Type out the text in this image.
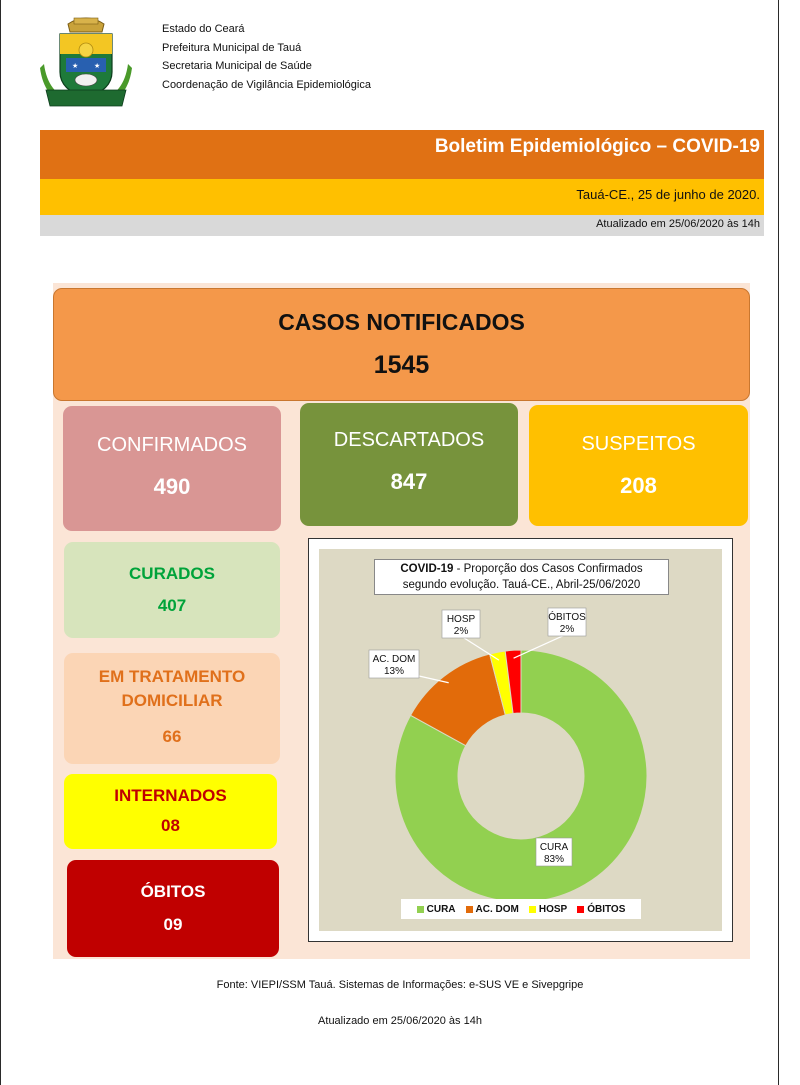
★ ★
Estado do Ceará
Prefeitura Municipal de Tauá
Secretaria Municipal de Saúde
Coordenação de Vigilância Epidemiológica
Boletim Epidemiológico – COVID-19
Tauá-CE., 25 de junho de 2020.
Atualizado em 25/06/2020 às 14h
CASOS NOTIFICADOS
1545
CONFIRMADOS
490
DESCARTADOS
847
SUSPEITOS
208
CURADOS
407
EM TRATAMENTO
DOMICILIAR
66
INTERNADOS
08
ÓBITOS
09
CURA
83%
AC. DOM
13%
HOSP
2%
ÓBITOS
2%
COVID-19 - Proporção dos Casos Confirmados
segundo evolução. Tauá-CE., Abril-25/06/2020
CURA AC. DOM HOSP ÓBITOS
Fonte: VIEPI/SSM Tauá. Sistemas de Informações: e-SUS VE e Sivepgripe
Atualizado em 25/06/2020 às 14h
